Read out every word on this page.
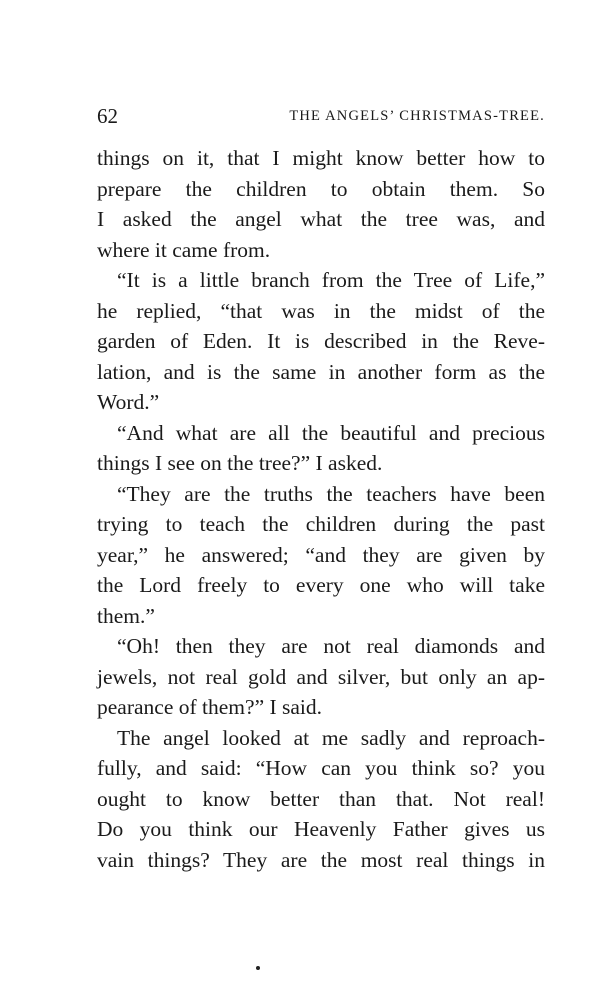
62	THE ANGELS’ CHRISTMAS-TREE.
things on it, that I might know better how to
prepare the children to obtain them. So
I asked the angel what the tree was, and
where it came from.
“It is a little branch from the Tree of Life,”
he replied, “that was in the midst of the
garden of Eden. It is described in the Reve-
lation, and is the same in another form as the
Word.”
“And what are all the beautiful and precious
things I see on the tree?” I asked.
“They are the truths the teachers have been
trying to teach the children during the past
year,” he answered; “and they are given by
the Lord freely to every one who will take
them.”
“Oh! then they are not real diamonds and
jewels, not real gold and silver, but only an ap-
pearance of them?” I said.
The angel looked at me sadly and reproach-
fully, and said: “How can you think so? you
ought to know better than that. Not real!
Do you think our Heavenly Father gives us
vain things? They are the most real things in
